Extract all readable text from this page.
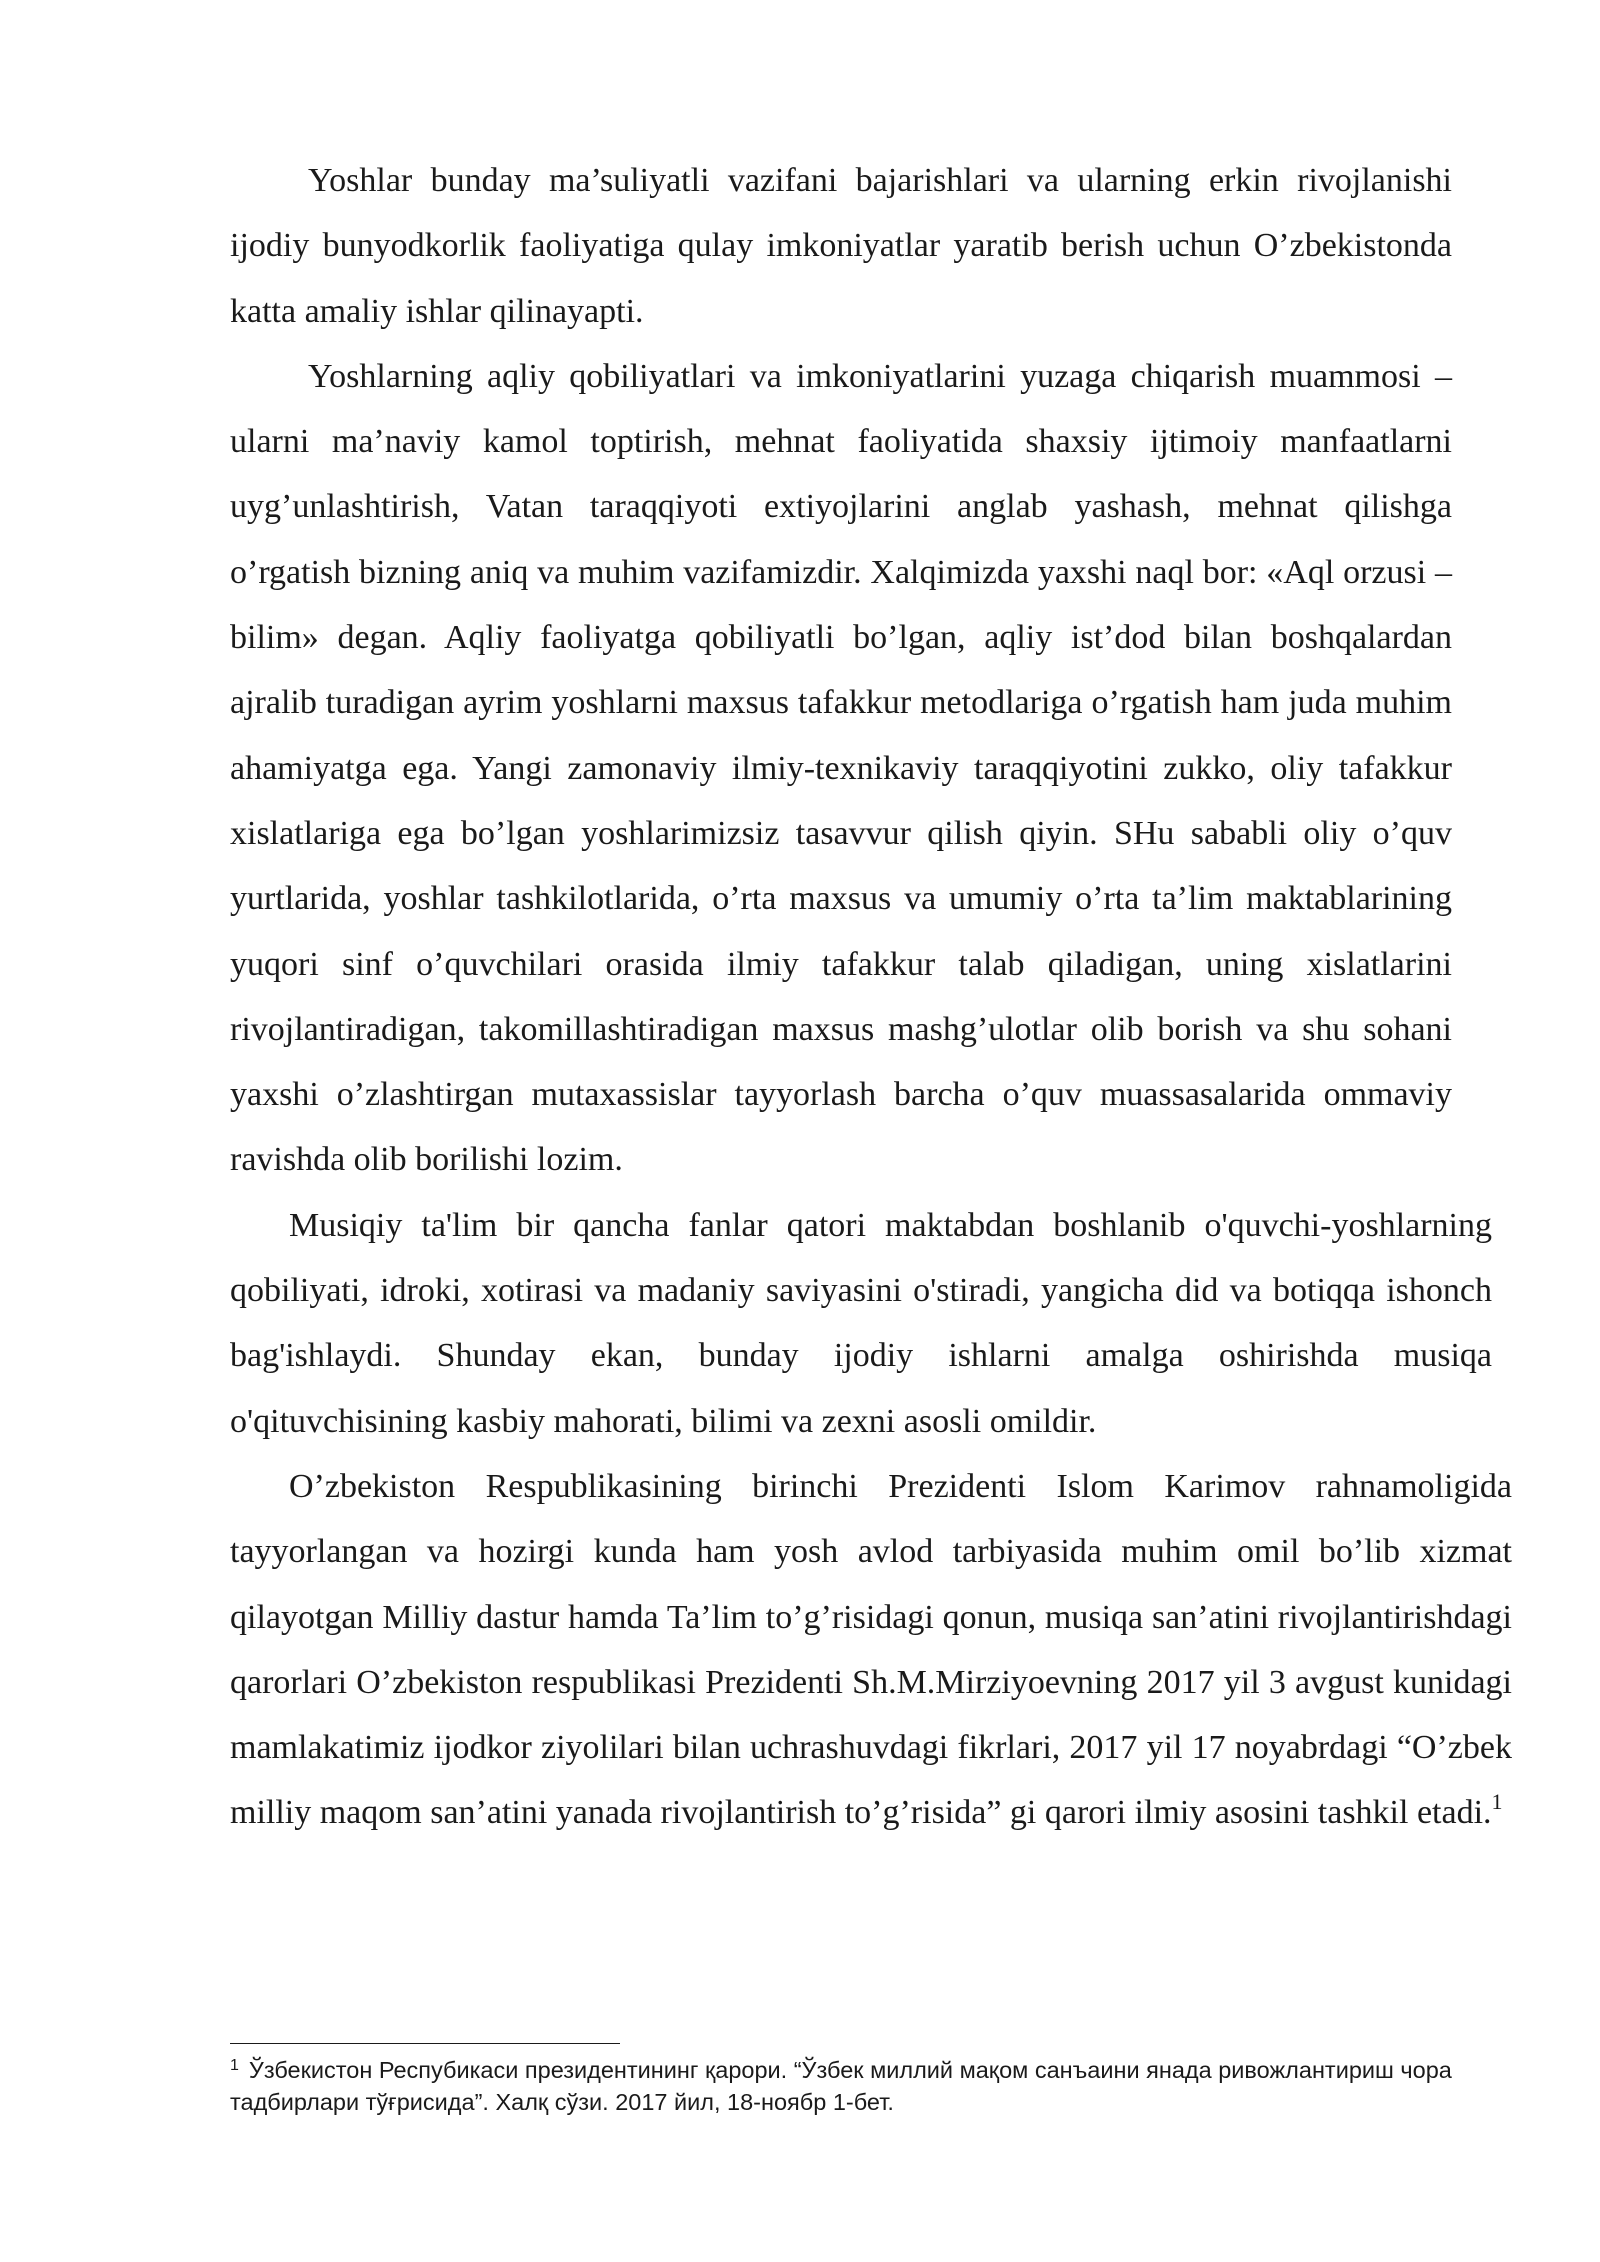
Yoshlar bunday ma’suliyatli vazifani bajarishlari va ularning erkin rivojlanishi ijodiy bunyodkorlik faoliyatiga qulay imkoniyatlar yaratib berish uchun O’zbekistonda katta amaliy ishlar qilinayapti.

Yoshlarning aqliy qobiliyatlari va imkoniyatlarini yuzaga chiqarish muammosi – ularni ma’naviy kamol toptirish, mehnat faoliyatida shaxsiy ijtimoiy manfaatlarni uyg’unlashtirish, Vatan taraqqiyoti extiyojlarini anglab yashash, mehnat qilishga o’rgatish bizning aniq va muhim vazifamizdir. Xalqimizda yaxshi naql bor: «Aql orzusi – bilim» degan. Aqliy faoliyatga qobiliyatli bo’lgan, aqliy ist’dod bilan boshqalardan ajralib turadigan ayrim yoshlarni maxsus tafakkur metodlariga o’rgatish ham juda muhim ahamiyatga ega. Yangi zamonaviy ilmiy-texnikaviy taraqqiyotini zukko, oliy tafakkur xislatlariga ega bo’lgan yoshlarimizsiz tasavvur qilish qiyin. SHu sababli oliy o’quv yurtlarida, yoshlar tashkilotlarida, o’rta maxsus va umumiy o’rta ta’lim maktablarining yuqori sinf o’quvchilari orasida ilmiy tafakkur talab qiladigan, uning xislatlarini rivojlantiradigan, takomillashtiradigan maxsus mashg’ulotlar olib borish va shu sohani yaxshi o’zlashtirgan mutaxassislar tayyorlash barcha o’quv muassasalarida ommaviy ravishda olib borilishi lozim.

Musiqiy ta'lim bir qancha fanlar qatori maktabdan boshlanib o'quvchi-yoshlarning qobiliyati, idroki, xotirasi va madaniy saviyasini o'stiradi, yangicha did va botiqqa ishonch bag'ishlaydi. Shunday ekan, bunday ijodiy ishlarni amalga oshirishda musiqa o'qituvchisining kasbiy mahorati, bilimi va zexni asosli omildir.

O’zbekiston Respublikasining birinchi Prezidenti Islom Karimov rahnamoligida tayyorlangan va hozirgi kunda ham yosh avlod tarbiyasida muhim omil bo’lib xizmat qilayotgan Milliy dastur hamda Ta’lim to’g’risidagi qonun, musiqa san’atini rivojlantirishdagi qarorlari O’zbekiston respublikasi Prezidenti Sh.M.Mirziyoevning 2017 yil 3 avgust kunidagi mamlakatimiz ijodkor ziyolilari bilan uchrashuvdagi fikrlari, 2017 yil 17 noyabrdagi “O’zbek milliy maqom san’atini yanada rivojlantirish to’g’risida” gi qarori ilmiy asosini tashkil etadi.$^1$

$^1$ Ўзбекистон Респубикаси президентининг қарори. “Ўзбек миллий мақом санъаини янада ривожлантириш чора тадбирлари тўғрисида”. Халқ сўзи. 2017 йил, 18-ноябр 1-бет.
